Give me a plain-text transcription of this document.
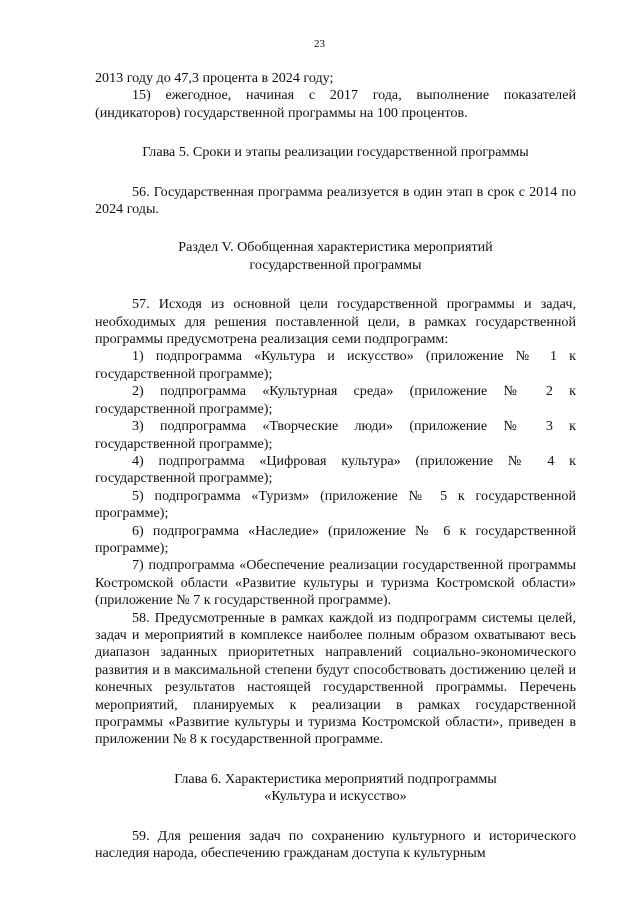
23

2013 году до 47,3 процента в 2024 году;

15) ежегодное, начиная с 2017 года, выполнение показателей (индикаторов) государственной программы на 100 процентов.

Глава 5. Сроки и этапы реализации государственной программы

56. Государственная программа реализуется в один этап в срок с 2014 по 2024 годы.

Раздел V. Обобщенная характеристика мероприятий

государственной программы

57. Исходя из основной цели государственной программы и задач, необходимых для решения поставленной цели, в рамках государственной программы предусмотрена реализация семи подпрограмм:

1) подпрограмма «Культура и искусство» (приложение № 1 к государственной программе);

2) подпрограмма «Культурная среда» (приложение № 2 к государственной программе);

3) подпрограмма «Творческие люди» (приложение № 3 к государственной программе);

4) подпрограмма «Цифровая культура» (приложение № 4 к государственной программе);

5) подпрограмма «Туризм» (приложение № 5 к государственной программе);

6) подпрограмма «Наследие» (приложение № 6 к государственной программе);

7) подпрограмма «Обеспечение реализации государственной программы Костромской области «Развитие культуры и туризма Костромской области» (приложение № 7 к государственной программе).

58. Предусмотренные в рамках каждой из подпрограмм системы целей, задач и мероприятий в комплексе наиболее полным образом охватывают весь диапазон заданных приоритетных направлений социально-экономического развития и в максимальной степени будут способствовать достижению целей и конечных результатов настоящей государственной программы. Перечень мероприятий, планируемых к реализации в рамках государственной программы «Развитие культуры и туризма Костромской области», приведен в приложении № 8 к государственной программе.

Глава 6. Характеристика мероприятий подпрограммы

«Культура и искусство»

59. Для решения задач по сохранению культурного и исторического наследия народа, обеспечению гражданам доступа к культурным
